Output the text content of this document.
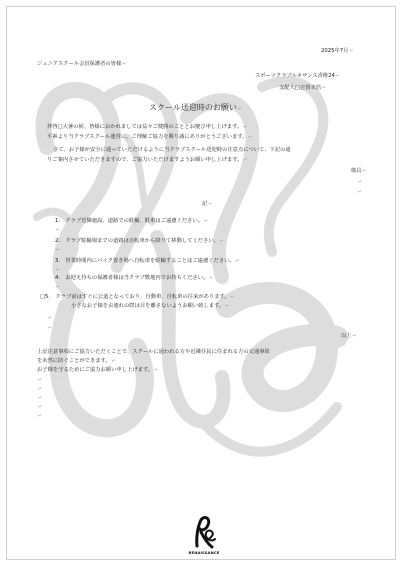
2025年7月↵
ジュニアスクール会員保護者の皆様↵
スポーツクラブルネサンス香椎24↵
支配人□吉賀幸浩↵
スクール送迎時のお願い↵
拝啓□大暑の候、皆様におかれましては益々ご健勝のこととお慶び申し上げます。↵
平素より当クラブスクール運営に、ご理解ご協力を賜り誠にありがとうございます。↵
さて、お子様が安全に通っていただけるように当クラブスクール送迎時の注意点について、下記の通
りご案内させていただきますので、ご協力いただけますようお願い申し上げます。↵
敬具↵
↵
↵
記↵
1.　クラブ近隣施設、道路での駐輪、駐車はご遠慮ください。↵
↵
2.　クラブ駐輪場までの道路は自転車から降りて移動してください。↵
↵
3.　営業時間内にバイク置き場へ自転車を駐輪することはご遠慮ください。↵
↵
4.　お迎え待ちの保護者様は当クラブ敷地内でお待ちください。↵
↵
□5.　クラブ前はすぐに公道となっており、自動車、自転車の往来があります。↵
小さなお子様をお連れの際は目を離さないようお願い致します。↵
↵
↵
以上↵
上記注意事項にご協力いただくことで、スクールに通われる方や近隣住民に住まれる方の交通事故
を未然に防ぐことができます。↵
お子様を守るためにご協力お願い申し上げます。↵
↵
↵
↵
↵
↵
RENAISSANCE
